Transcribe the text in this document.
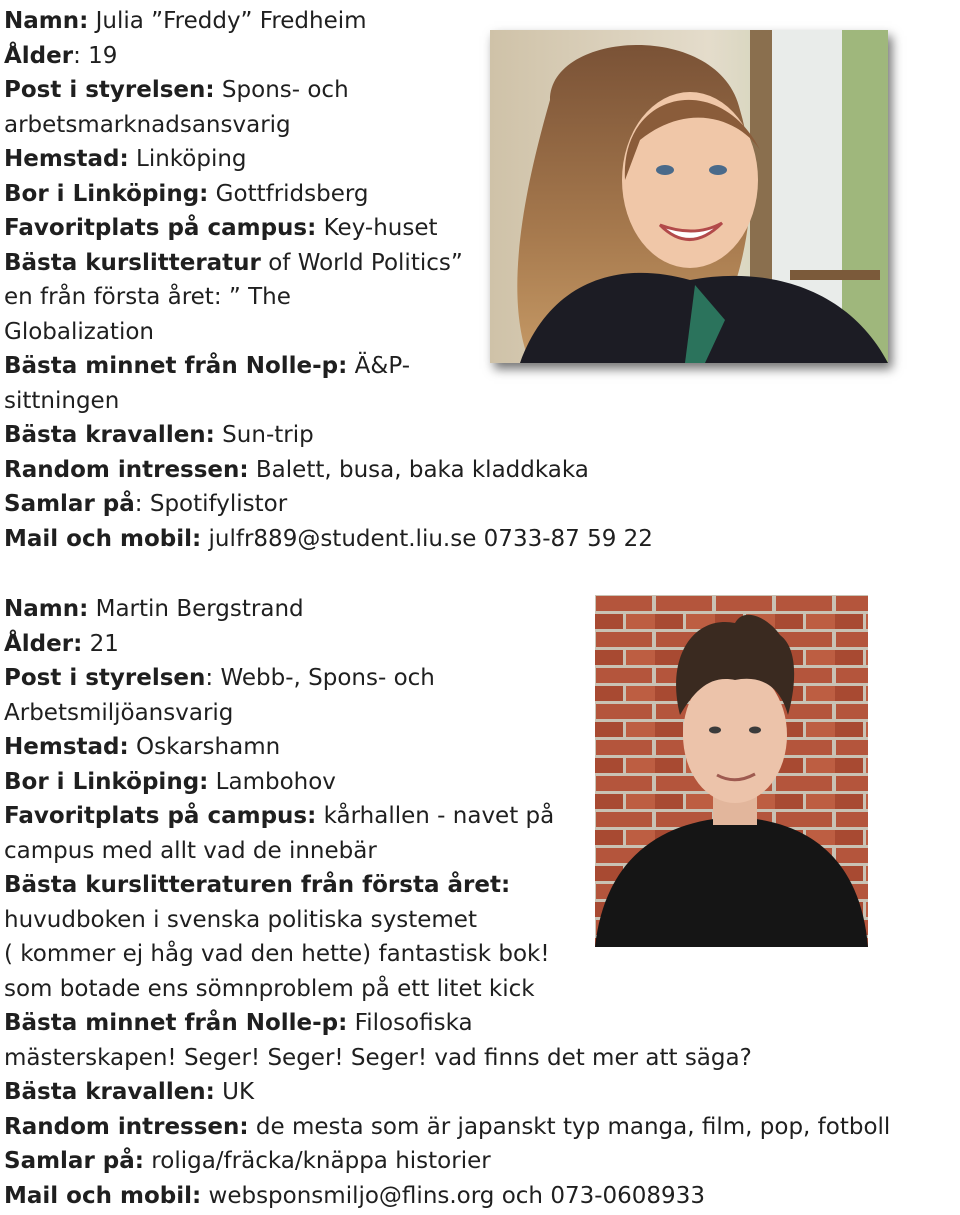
Namn: Julia ”Freddy” Fredheim

Ålder: 19

Post i styrelsen: Spons- och

arbetsmarknadsansvarig

Hemstad: Linköping

Bor i Linköping: Gottfridsberg

Favoritplats på campus: Key-huset

Bästa kurslitteratur of World Politics”

en från första året: ” The

Globalization

Bästa minnet från Nolle-p: Ä&P-

sittningen

Bästa kravallen: Sun-trip

Random intressen: Balett, busa, baka kladdkaka

Samlar på: Spotifylistor

Mail och mobil: julfr889@student.liu.se 0733-87 59 22

Namn: Martin Bergstrand

Ålder: 21

Post i styrelsen: Webb-, Spons- och

Arbetsmiljöansvarig

Hemstad: Oskarshamn

Bor i Linköping: Lambohov

Favoritplats på campus: kårhallen - navet på

campus med allt vad de innebär

Bästa kurslitteraturen från första året:

huvudboken i svenska politiska systemet

( kommer ej håg vad den hette) fantastisk bok!

som botade ens sömnproblem på ett litet kick

Bästa minnet från Nolle-p: Filosofiska

mästerskapen! Seger! Seger! Seger! vad finns det mer att säga?

Bästa kravallen: UK

Random intressen: de mesta som är japanskt typ manga, film, pop, fotboll

Samlar på: roliga/fräcka/knäppa historier

Mail och mobil: websponsmiljo@flins.org och 073-0608933
